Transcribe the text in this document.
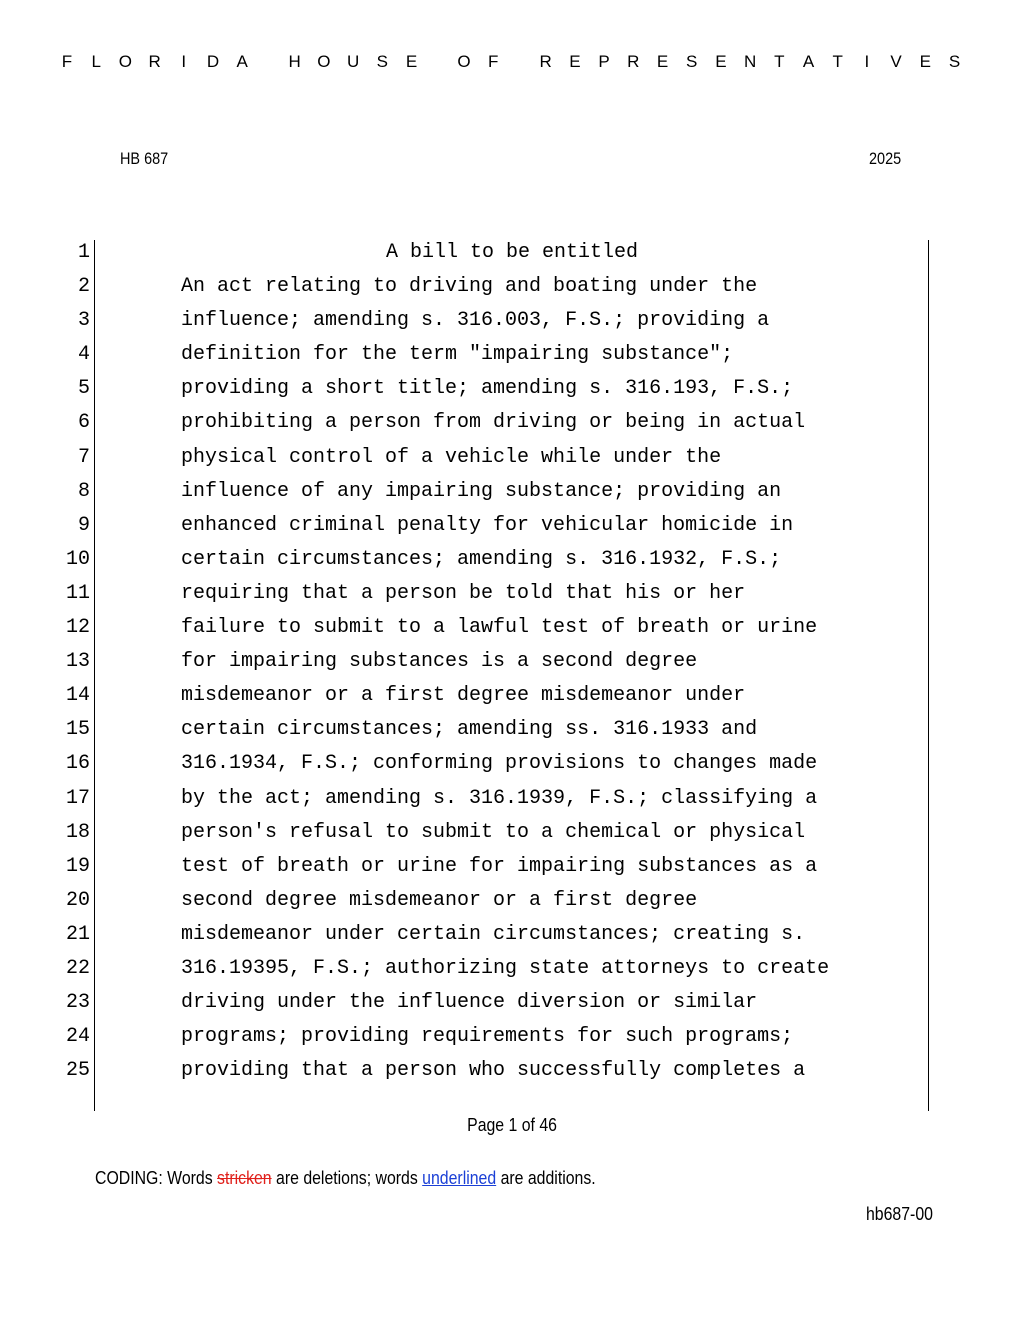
F	L	O R	I	D A H O U S E O F R E P R E S E N T A T	I	V E S
HB 687	2025
1	A bill to be entitled
2	An act relating to driving and boating under the
3	influence; amending s. 316.003, F.S.; providing a
4	definition for the term "impairing substance";
5	providing a short title; amending s. 316.193, F.S.;
6	prohibiting a person from driving or being in actual
7	physical control of a vehicle while under the
8	influence of any impairing substance; providing an
9	enhanced criminal penalty for vehicular homicide in
10	certain circumstances; amending s. 316.1932, F.S.;
11	requiring that a person be told that his or her
12	failure to submit to a lawful test of breath or urine
13	for impairing substances is a second degree
14	misdemeanor or a first degree misdemeanor under
15	certain circumstances; amending ss. 316.1933 and
16	316.1934, F.S.; conforming provisions to changes made
17	by the act; amending s. 316.1939, F.S.; classifying a
18	person's refusal to submit to a chemical or physical
19	test of breath or urine for impairing substances as a
20	second degree misdemeanor or a first degree
21	misdemeanor under certain circumstances; creating s.
22	316.19395, F.S.; authorizing state attorneys to create
23	driving under the influence diversion or similar
24	programs; providing requirements for such programs;
25	providing that a person who successfully completes a
Page 1 of 46
CODING: Words stricken are deletions; words underlined are additions.
hb687-00
